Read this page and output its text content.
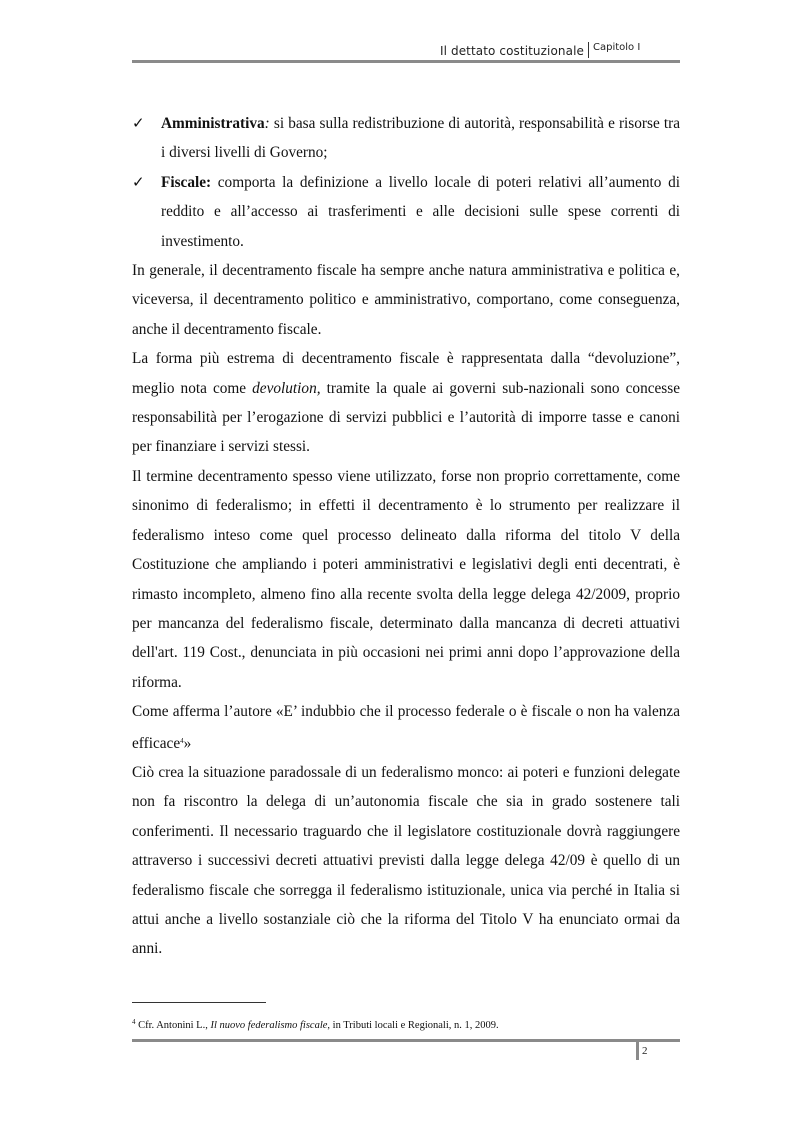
Il dettato costituzionale Capitolo I
✓ Amministrativa: si basa sulla redistribuzione di autorità, responsabilità e risorse tra i diversi livelli di Governo;

✓ Fiscale: comporta la definizione a livello locale di poteri relativi all’aumento di reddito e all’accesso ai trasferimenti e alle decisioni sulle spese correnti di investimento.

In generale, il decentramento fiscale ha sempre anche natura amministrativa e politica e, viceversa, il decentramento politico e amministrativo, comportano, come conseguenza, anche il decentramento fiscale.

La forma più estrema di decentramento fiscale è rappresentata dalla “devoluzione”, meglio nota come devolution, tramite la quale ai governi sub-nazionali sono concesse responsabilità per l’erogazione di servizi pubblici e l’autorità di imporre tasse e canoni per finanziare i servizi stessi.

Il termine decentramento spesso viene utilizzato, forse non proprio correttamente, come sinonimo di federalismo; in effetti il decentramento è lo strumento per realizzare il federalismo inteso come quel processo delineato dalla riforma del titolo V della Costituzione che ampliando i poteri amministrativi e legislativi degli enti decentrati, è rimasto incompleto, almeno fino alla recente svolta della legge delega 42/2009, proprio per mancanza del federalismo fiscale, determinato dalla mancanza di decreti attuativi dell'art. 119 Cost., denunciata in più occasioni nei primi anni dopo l’approvazione della riforma.

Come afferma l’autore «E’ indubbio che il processo federale o è fiscale o non ha valenza efficace$^4$»

Ciò crea la situazione paradossale di un federalismo monco: ai poteri e funzioni delegate non fa riscontro la delega di un’autonomia fiscale che sia in grado sostenere tali conferimenti. Il necessario traguardo che il legislatore costituzionale dovrà raggiungere attraverso i successivi decreti attuativi previsti dalla legge delega 42/09 è quello di un federalismo fiscale che sorregga il federalismo istituzionale, unica via perché in Italia si attui anche a livello sostanziale ciò che la riforma del Titolo V ha enunciato ormai da anni.

$^4$ Cfr. Antonini L., Il nuovo federalismo fiscale, in Tributi locali e Regionali, n. 1, 2009.
2
